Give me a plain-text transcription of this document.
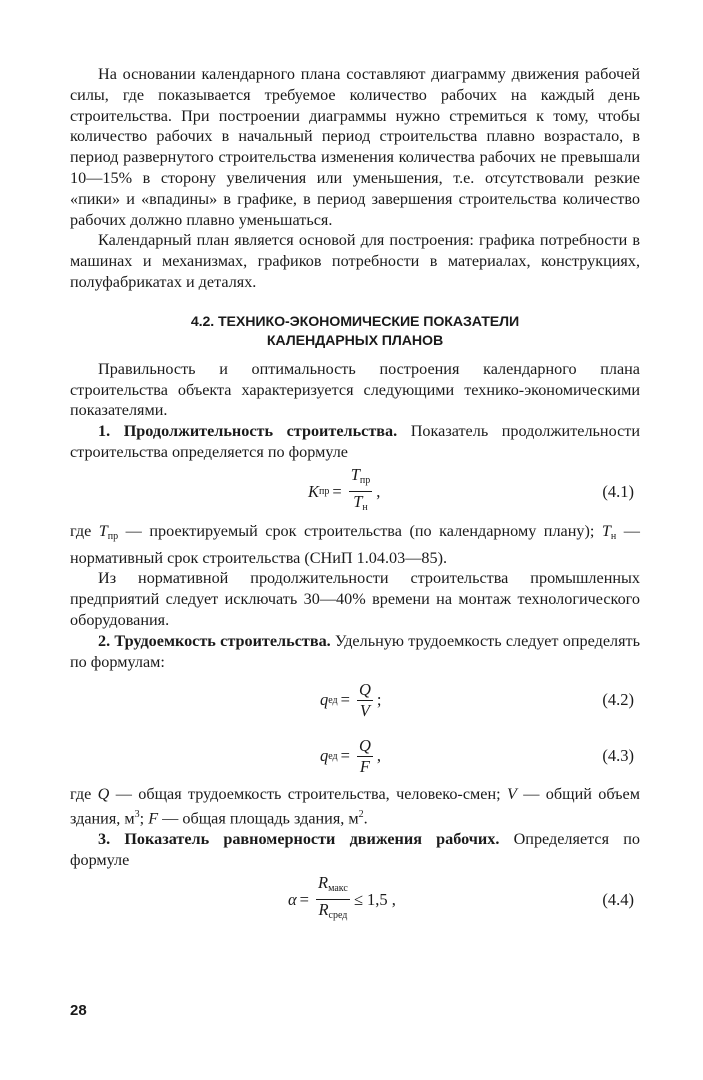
На основании календарного плана составляют диаграмму движения рабочей силы, где показывается требуемое количество рабочих на каждый день строительства. При построении диаграммы нужно стремиться к тому, чтобы количество рабочих в начальный период строительства плавно возрастало, в период развернутого строительства изменения количества рабочих не превышали 10—15% в сторону увеличения или уменьшения, т.е. отсутствовали резкие «пики» и «впадины» в графике, в период завершения строительства количество рабочих должно плавно уменьшаться.

Календарный план является основой для построения: графика потребности в машинах и механизмах, графиков потребности в материалах, конструкциях, полуфабрикатах и деталях.

4.2. ТЕХНИКО-ЭКОНОМИЧЕСКИЕ ПОКАЗАТЕЛИ
КАЛЕНДАРНЫХ ПЛАНОВ

Правильность и оптимальность построения календарного плана строительства объекта характеризуется следующими технико-экономическими показателями.

1. Продолжительность строительства. Показатель продолжительности строительства определяется по формуле

K пр = $\frac{T_{пр}}{T_н}$ ,	(4.1)

где $T_{пр}$ — проектируемый срок строительства (по календарному плану); $T_н$ — нормативный срок строительства (СНиП 1.04.03—85).

Из нормативной продолжительности строительства промышленных предприятий следует исключать 30—40% времени на монтаж технологического оборудования.

2. Трудоемкость строительства. Удельную трудоемкость следует определять по формулам:

q ед = $\frac{Q}{V}$ ;	(4.2)
q ед = $\frac{Q}{F}$ ,	(4.3)

где Q — общая трудоемкость строительства, человеко-смен; V — общий объем здания, $м^3$; F — общая площадь здания, $м^2$.

3. Показатель равномерности движения рабочих. Определяется по формуле

$\alpha = \frac{R_{макс}}{R_{сред}} \le 1,5$ ,	(4.4)
28
